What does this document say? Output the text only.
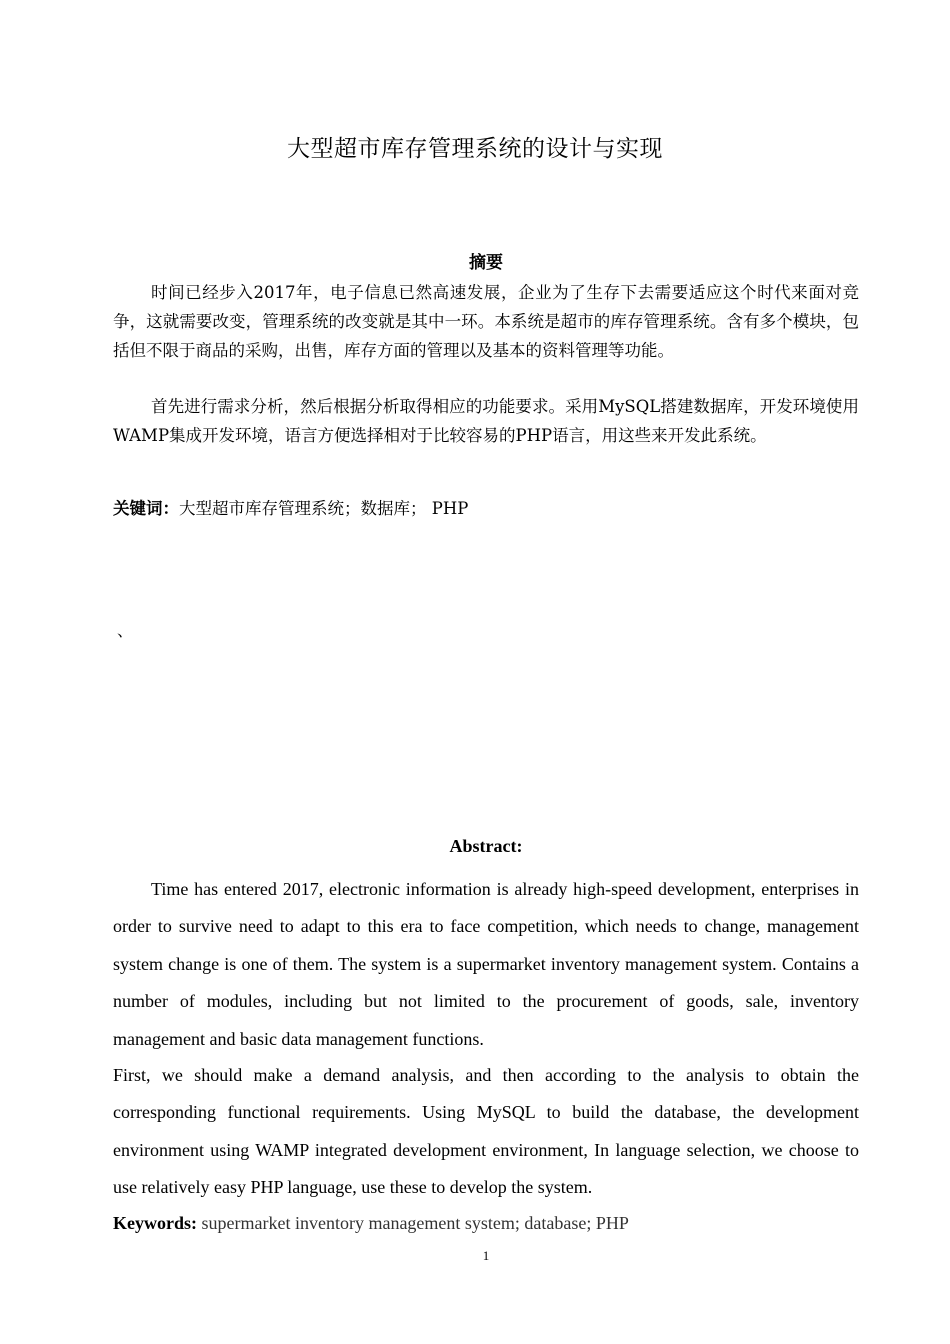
大型超市库存管理系统的设计与实现
摘要

时间已经步入2017年，电子信息已然高速发展，企业为了生存下去需要适应这个时代来面对竞争，这就需要改变，管理系统的改变就是其中一环。本系统是超市的库存管理系统。含有多个模块，包括但不限于商品的采购，出售，库存方面的管理以及基本的资料管理等功能。

首先进行需求分析，然后根据分析取得相应的功能要求。采用MySQL搭建数据库，开发环境使用WAMP集成开发环境，语言方便选择相对于比较容易的PHP语言，用这些来开发此系统。

关键词：大型超市库存管理系统；数据库； PHP

、
Abstract:

Time has entered 2017, electronic information is already high-speed development, enterprises in order to survive need to adapt to this era to face competition, which needs to change, management system change is one of them. The system is a supermarket inventory management system. Contains a number of modules, including but not limited to the procurement of goods, sale, inventory management and basic data management functions.

First, we should make a demand analysis, and then according to the analysis to obtain the corresponding functional requirements. Using MySQL to build the database, the development environment using WAMP integrated development environment, In language selection, we choose to use relatively easy PHP language, use these to develop the system.

Keywords: supermarket inventory management system; database; PHP

1
